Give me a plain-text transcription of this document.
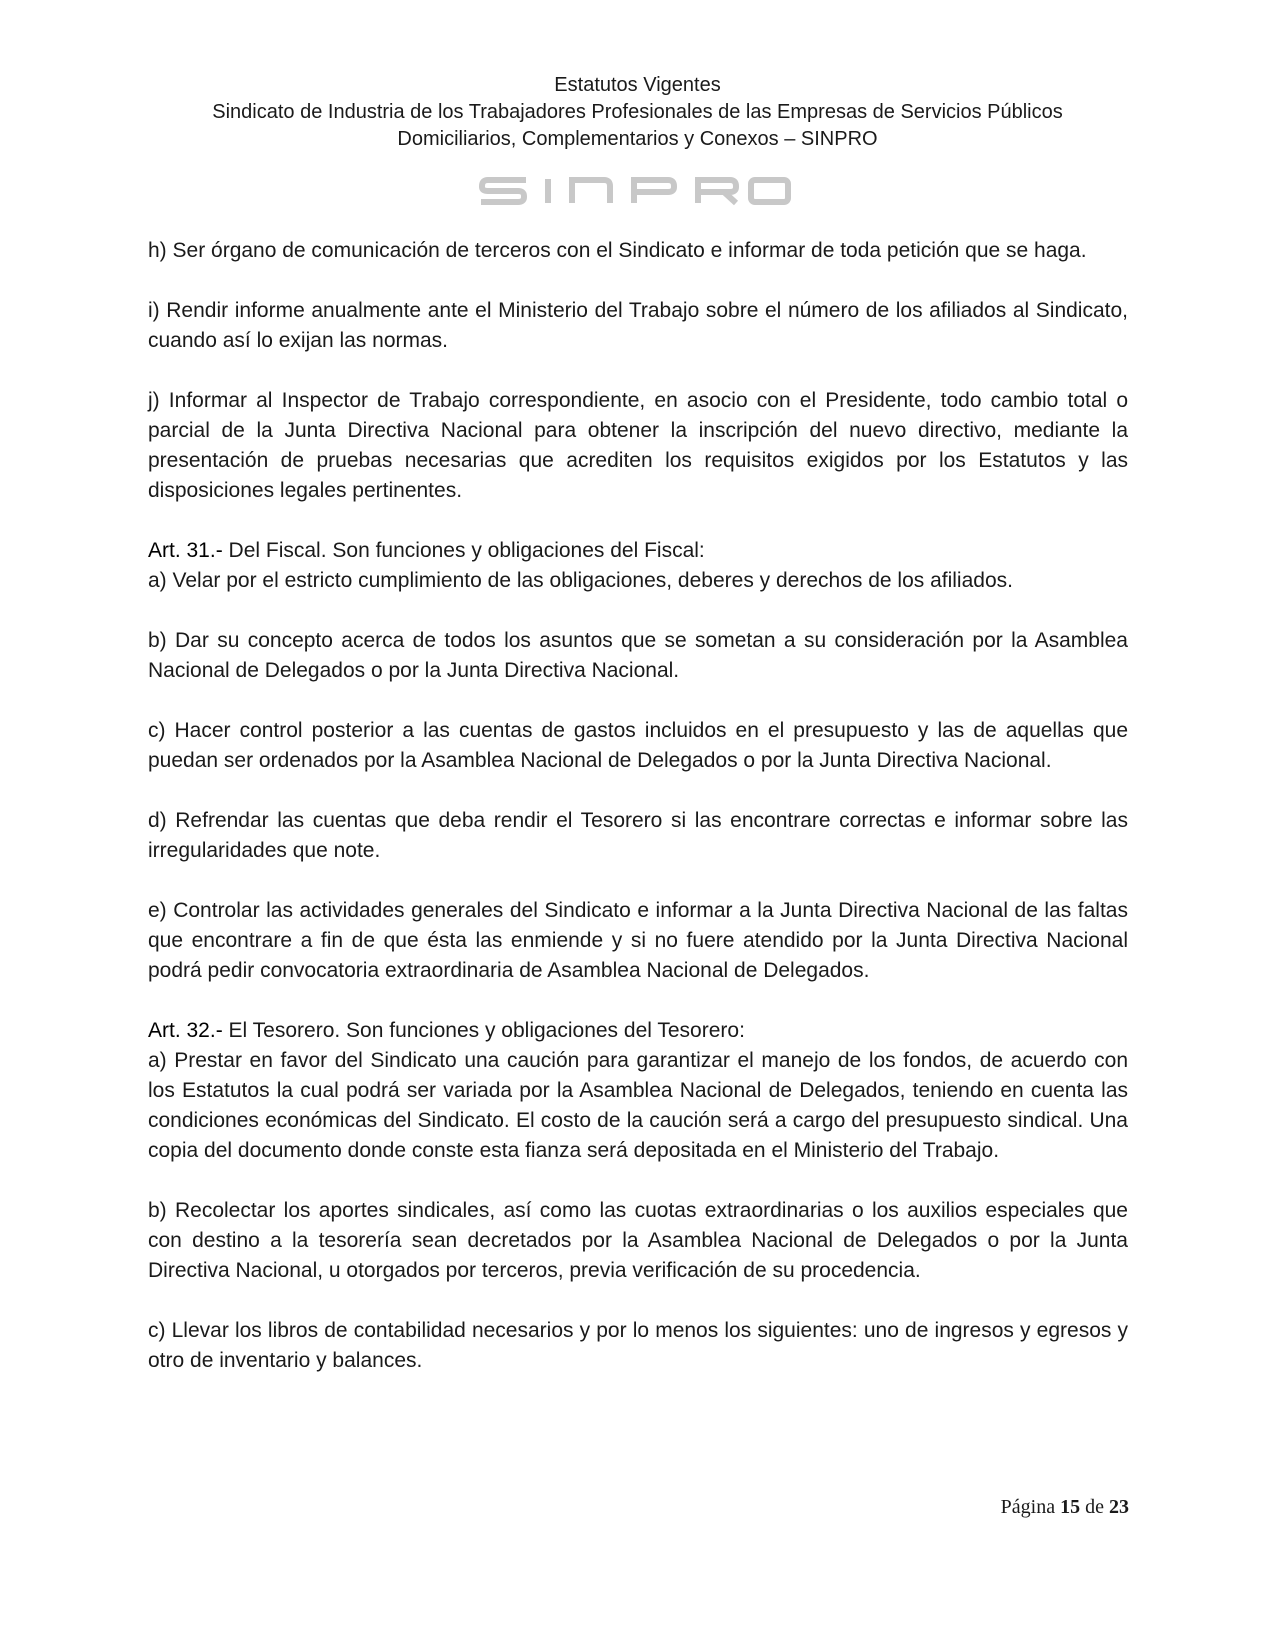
Estatutos Vigentes
Sindicato de Industria de los Trabajadores Profesionales de las Empresas de Servicios Públicos
Domiciliarios, Complementarios y Conexos – SINPRO

h) Ser órgano de comunicación de terceros con el Sindicato e informar de toda petición que se haga.

i) Rendir informe anualmente ante el Ministerio del Trabajo sobre el número de los afiliados al Sindicato, cuando así lo exijan las normas.

j) Informar al Inspector de Trabajo correspondiente, en asocio con el Presidente, todo cambio total o parcial de la Junta Directiva Nacional para obtener la inscripción del nuevo directivo, mediante la presentación de pruebas necesarias que acrediten los requisitos exigidos por los Estatutos y las disposiciones legales pertinentes.

Art. 31.- Del Fiscal. Son funciones y obligaciones del Fiscal:

a) Velar por el estricto cumplimiento de las obligaciones, deberes y derechos de los afiliados.

b) Dar su concepto acerca de todos los asuntos que se sometan a su consideración por la Asamblea Nacional de Delegados o por la Junta Directiva Nacional.

c) Hacer control posterior a las cuentas de gastos incluidos en el presupuesto y las de aquellas que puedan ser ordenados por la Asamblea Nacional de Delegados o por la Junta Directiva Nacional.

d) Refrendar las cuentas que deba rendir el Tesorero si las encontrare correctas e informar sobre las irregularidades que note.

e) Controlar las actividades generales del Sindicato e informar a la Junta Directiva Nacional de las faltas que encontrare a fin de que ésta las enmiende y si no fuere atendido por la Junta Directiva Nacional podrá pedir convocatoria extraordinaria de Asamblea Nacional de Delegados.

Art. 32.- El Tesorero. Son funciones y obligaciones del Tesorero:

a) Prestar en favor del Sindicato una caución para garantizar el manejo de los fondos, de acuerdo con los Estatutos la cual podrá ser variada por la Asamblea Nacional de Delegados, teniendo en cuenta las condiciones económicas del Sindicato. El costo de la caución será a cargo del presupuesto sindical. Una copia del documento donde conste esta fianza será depositada en el Ministerio del Trabajo.

b) Recolectar los aportes sindicales, así como las cuotas extraordinarias o los auxilios especiales que con destino a la tesorería sean decretados por la Asamblea Nacional de Delegados o por la Junta Directiva Nacional, u otorgados por terceros, previa verificación de su procedencia.

c) Llevar los libros de contabilidad necesarios y por lo menos los siguientes: uno de ingresos y egresos y otro de inventario y balances.

Página 15 de 23
